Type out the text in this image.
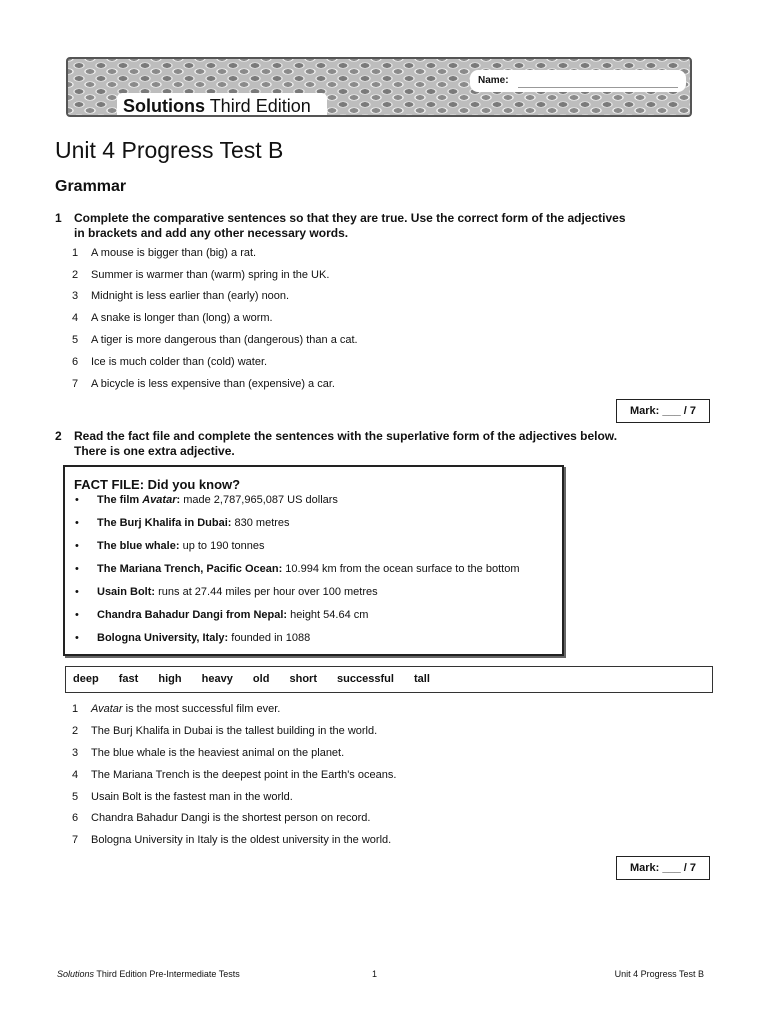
Name:
Solutions Third Edition
Unit 4 Progress Test B
Grammar
1 Complete the comparative sentences so that they are true. Use the correct form of the adjectives
in brackets and add any other necessary words.
1 A mouse is bigger than (big) a rat.
2 Summer is warmer than (warm) spring in the UK.
3 Midnight is less earlier than (early) noon.
4 A snake is longer than (long) a worm.
5 A tiger is more dangerous than (dangerous) than a cat.
6 Ice is much colder than (cold) water.
7 A bicycle is less expensive than (expensive) a car.
Mark: ___ / 7
2 Read the fact file and complete the sentences with the superlative form of the adjectives below.
There is one extra adjective.
FACT FILE: Did you know?
• The film Avatar: made 2,787,965,087 US dollars
• The Burj Khalifa in Dubai: 830 metres
• The blue whale: up to 190 tonnes
• The Mariana Trench, Pacific Ocean: 10.994 km from the ocean surface to the bottom
• Usain Bolt: runs at 27.44 miles per hour over 100 metres
• Chandra Bahadur Dangi from Nepal: height 54.64 cm
• Bologna University, Italy: founded in 1088
deep fast high heavy old short successful tall
1 Avatar is the most successful film ever.
2 The Burj Khalifa in Dubai is the tallest building in the world.
3 The blue whale is the heaviest animal on the planet.
4 The Mariana Trench is the deepest point in the Earth's oceans.
5 Usain Bolt is the fastest man in the world.
6 Chandra Bahadur Dangi is the shortest person on record.
7 Bologna University in Italy is the oldest university in the world.
Mark: ___ / 7
Solutions Third Edition Pre-Intermediate Tests	1	Unit 4 Progress Test B
